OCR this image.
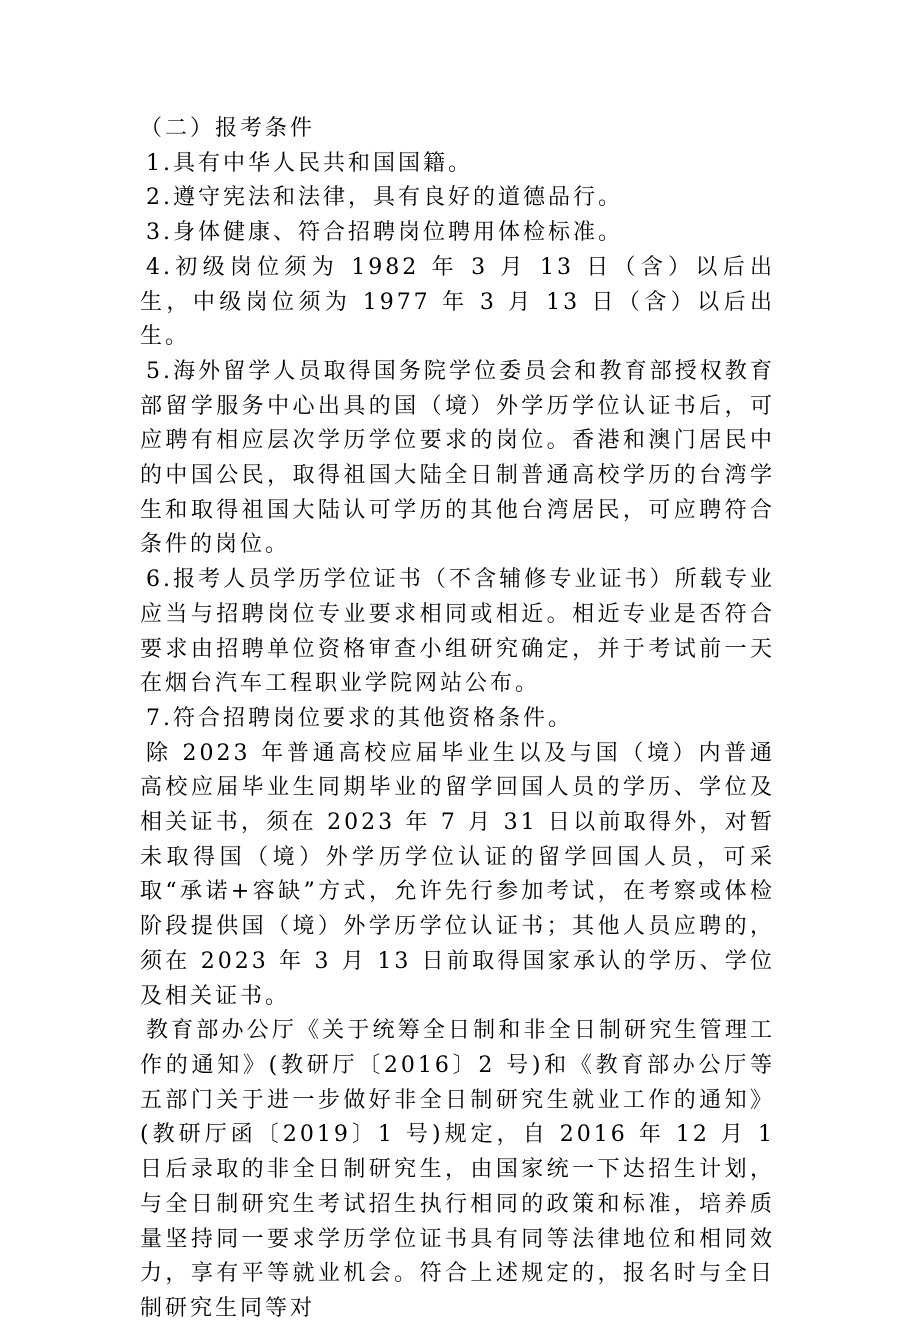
（二）报考条件

1.具有中华人民共和国国籍。

2.遵守宪法和法律，具有良好的道德品行。

3.身体健康、符合招聘岗位聘用体检标准。

4.初级岗位须为 1982 年 3 月 13 日（含）以后出生，中级岗位须为 1977 年 3 月 13 日（含）以后出生。

5.海外留学人员取得国务院学位委员会和教育部授权教育部留学服务中心出具的国（境）外学历学位认证书后，可应聘有相应层次学历学位要求的岗位。香港和澳门居民中的中国公民，取得祖国大陆全日制普通高校学历的台湾学生和取得祖国大陆认可学历的其他台湾居民，可应聘符合条件的岗位。

6.报考人员学历学位证书（不含辅修专业证书）所载专业应当与招聘岗位专业要求相同或相近。相近专业是否符合要求由招聘单位资格审查小组研究确定，并于考试前一天在烟台汽车工程职业学院网站公布。

7.符合招聘岗位要求的其他资格条件。

除 2023 年普通高校应届毕业生以及与国（境）内普通高校应届毕业生同期毕业的留学回国人员的学历、学位及相关证书，须在 2023 年 7 月 31 日以前取得外，对暂未取得国（境）外学历学位认证的留学回国人员，可采取“承诺+容缺”方式，允许先行参加考试，在考察或体检阶段提供国（境）外学历学位认证书；其他人员应聘的，须在 2023 年 3 月 13 日前取得国家承认的学历、学位及相关证书。

教育部办公厅《关于统筹全日制和非全日制研究生管理工作的通知》(教研厅〔2016〕2 号)和《教育部办公厅等五部门关于进一步做好非全日制研究生就业工作的通知》(教研厅函〔2019〕1 号)规定，自 2016 年 12 月 1 日后录取的非全日制研究生，由国家统一下达招生计划，与全日制研究生考试招生执行相同的政策和标准，培养质量坚持同一要求学历学位证书具有同等法律地位和相同效力，享有平等就业机会。符合上述规定的，报名时与全日制研究生同等对
